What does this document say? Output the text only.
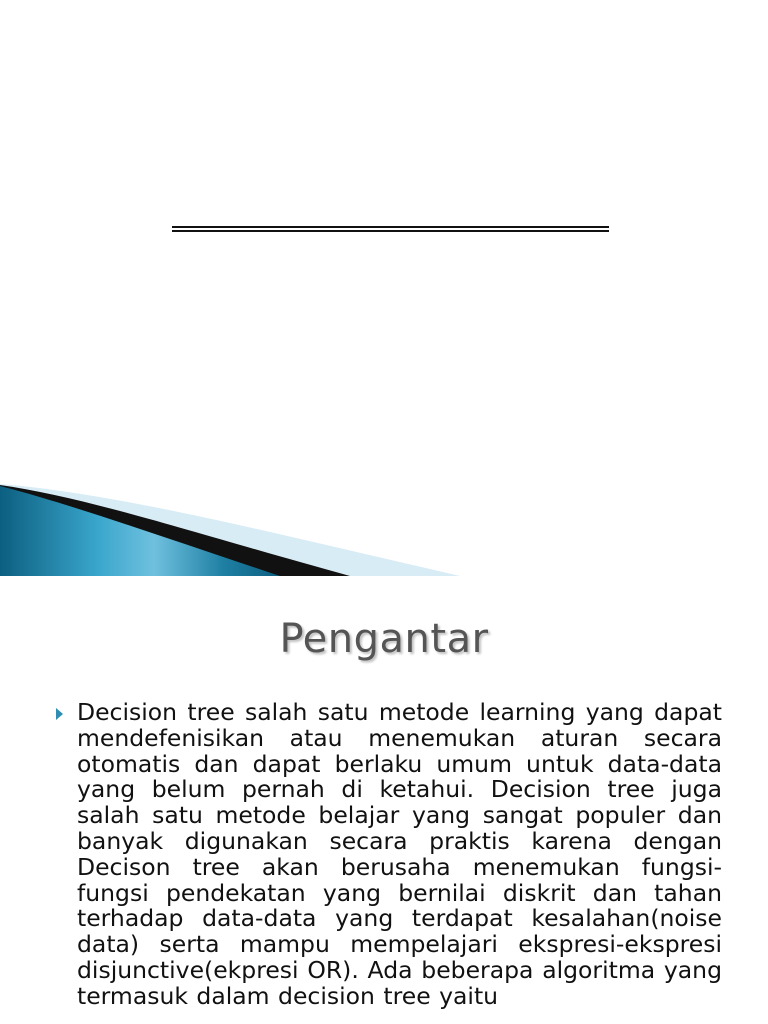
Pengantar

Decision tree salah satu metode learning yang dapat mendefenisikan atau menemukan aturan secara otomatis dan dapat berlaku umum untuk data-data yang belum pernah di ketahui. Decision tree juga salah satu metode belajar yang sangat populer dan banyak digunakan secara praktis karena dengan Decison tree akan berusaha menemukan fungsi-fungsi pendekatan yang bernilai diskrit dan tahan terhadap data-data yang terdapat kesalahan(noise data) serta mampu mempelajari ekspresi-ekspresi disjunctive(ekpresi OR). Ada beberapa algoritma yang termasuk dalam decision tree yaitu
